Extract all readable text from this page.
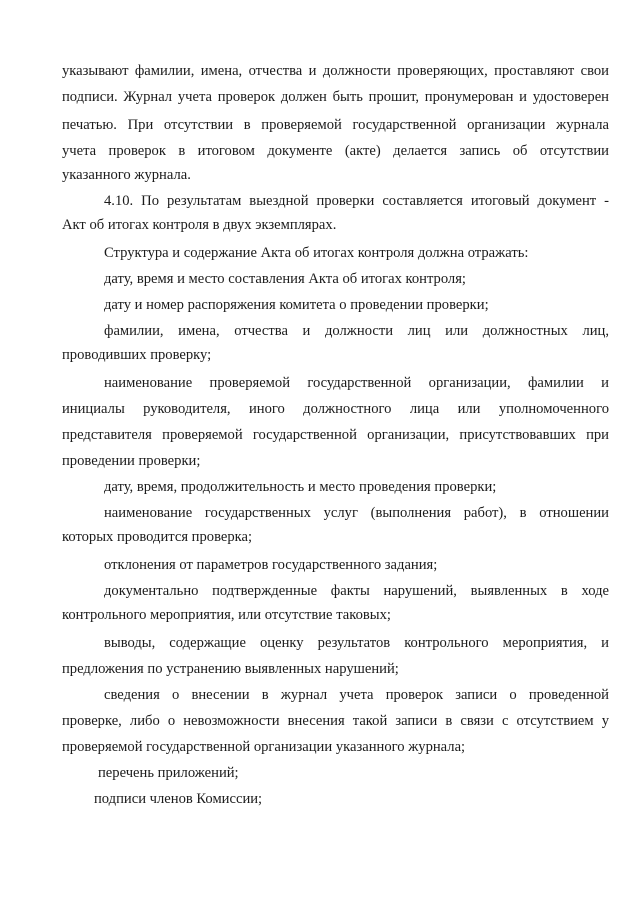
указывают фамилии, имена, отчества и должности проверяющих, проставляют свои
подписи. Журнал учета проверок должен быть прошит, пронумерован и удостоверен
печатью. При отсутствии в проверяемой государственной организации журнала
учета проверок в итоговом документе (акте) делается запись об отсутствии
указанного журнала.
4.10. По результатам выездной проверки составляется итоговый документ -
Акт об итогах контроля в двух экземплярах.
Структура и содержание Акта об итогах контроля должна отражать:
дату, время и место составления Акта об итогах контроля;
дату и номер распоряжения комитета о проведении проверки;
фамилии, имена, отчества и должности лиц или должностных лиц,
проводивших проверку;
наименование проверяемой государственной организации, фамилии и
инициалы руководителя, иного должностного лица или уполномоченного
представителя проверяемой государственной организации, присутствовавших при
проведении проверки;
дату, время, продолжительность и место проведения проверки;
наименование государственных услуг (выполнения работ), в отношении
которых проводится проверка;
отклонения от параметров государственного задания;
документально подтвержденные факты нарушений, выявленных в ходе
контрольного мероприятия, или отсутствие таковых;
выводы, содержащие оценку результатов контрольного мероприятия, и
предложения по устранению выявленных нарушений;
сведения о внесении в журнал учета проверок записи о проведенной
проверке, либо о невозможности внесения такой записи в связи с отсутствием у
проверяемой государственной организации указанного журнала;
перечень приложений;
подписи членов Комиссии;
